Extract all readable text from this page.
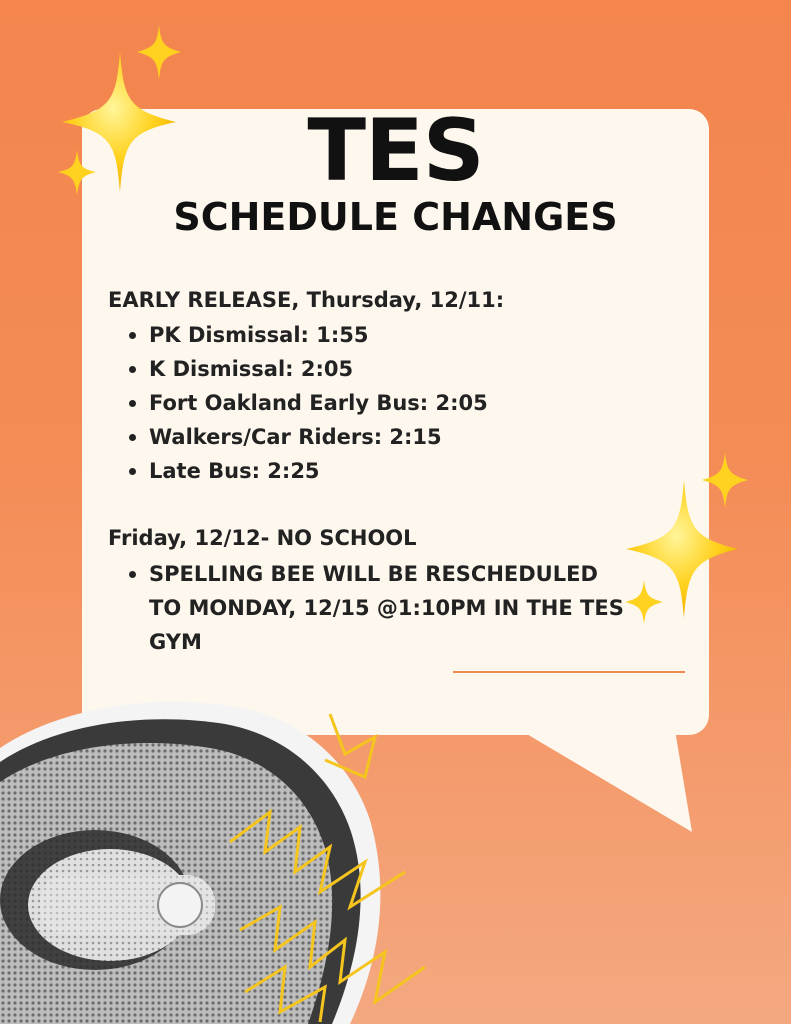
TES
SCHEDULE CHANGES
EARLY RELEASE, Thursday, 12/11:
PK Dismissal: 1:55
K Dismissal: 2:05
Fort Oakland Early Bus: 2:05
Walkers/Car Riders: 2:15
Late Bus: 2:25
Friday, 12/12- NO SCHOOL
SPELLING BEE WILL BE RESCHEDULED TO MONDAY, 12/15 @1:10PM IN THE TES GYM
